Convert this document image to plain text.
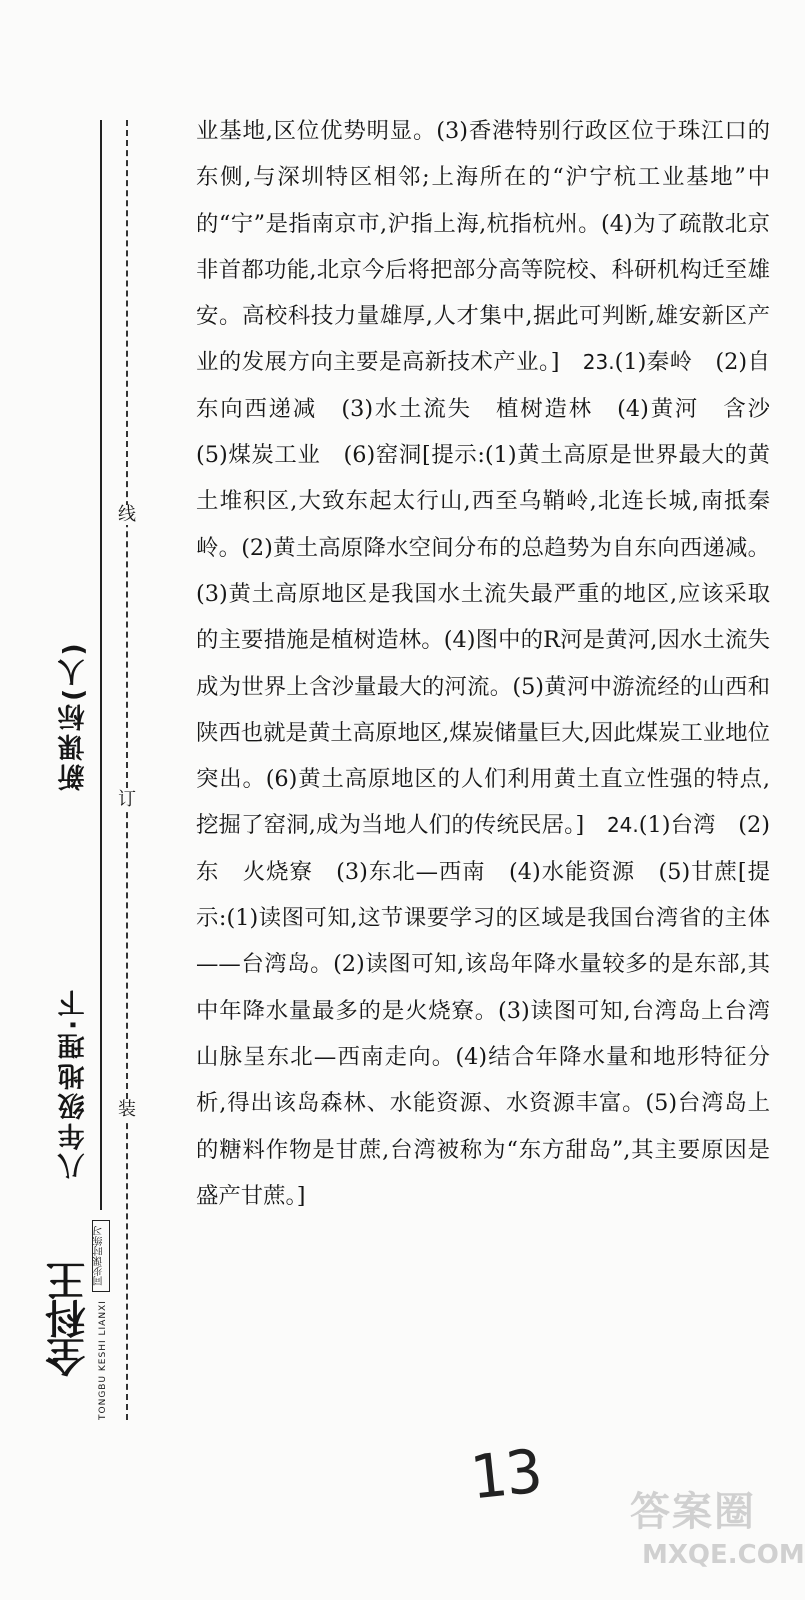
装
订
线
八年级地理·下
新课标(人)
全科王
同步课时练习
TONGBU KESHI LIANXI

业基地,区位优势明显。(3)香港特别行政区位于珠江口的东侧,与深圳特区相邻;上海所在的“沪宁杭工业基地”中的“宁”是指南京市,沪指上海,杭指杭州。(4)为了疏散北京非首都功能,北京今后将把部分高等院校、科研机构迁至雄安。高校科技力量雄厚,人才集中,据此可判断,雄安新区产业的发展方向主要是高新技术产业。]　 23.(1)秦岭　(2)自东向西递减　(3)水土流失　植树造林　(4)黄河　含沙　(5)煤炭工业　(6)窑洞[提示:(1)黄土高原是世界最大的黄土堆积区,大致东起太行山,西至乌鞘岭,北连长城,南抵秦岭。(2)黄土高原降水空间分布的总趋势为自东向西递减。(3)黄土高原地区是我国水土流失最严重的地区,应该采取的主要措施是植树造林。(4)图中的R河是黄河,因水土流失成为世界上含沙量最大的河流。(5)黄河中游流经的山西和陕西也就是黄土高原地区,煤炭储量巨大,因此煤炭工业地位突出。(6)黄土高原地区的人们利用黄土直立性强的特点,挖掘了窑洞,成为当地人们的传统民居。]　 24.(1)台湾　(2)东　火烧寮　(3)东北—西南　(4)水能资源　(5)甘蔗[提示:(1)读图可知,这节课要学习的区域是我国台湾省的主体——台湾岛。(2)读图可知,该岛年降水量较多的是东部,其中年降水量最多的是火烧寮。(3)读图可知,台湾岛上台湾山脉呈东北—西南走向。(4)结合年降水量和地形特征分析,得出该岛森林、水能资源、水资源丰富。(5)台湾岛上的糖料作物是甘蔗,台湾被称为“东方甜岛”,其主要原因是盛产甘蔗。]

13 答案圈
MXQE.COM
